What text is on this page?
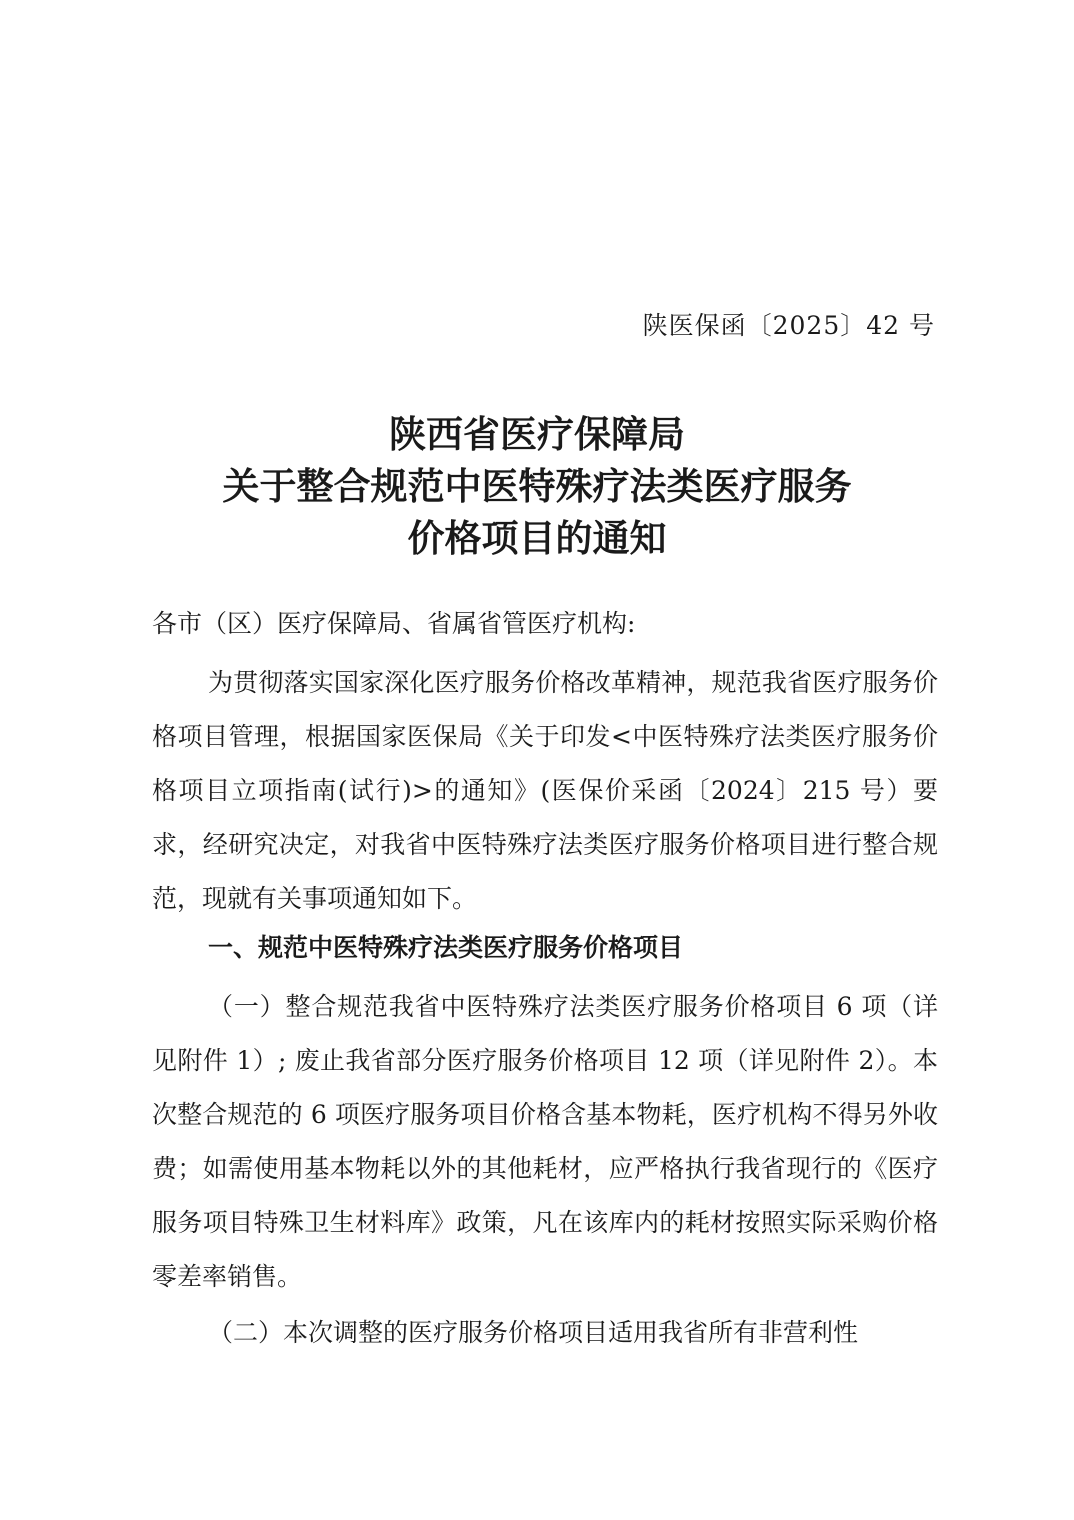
陕医保函〔2025〕42 号
陕西省医疗保障局
关于整合规范中医特殊疗法类医疗服务
价格项目的通知
各市（区）医疗保障局、省属省管医疗机构:
为贯彻落实国家深化医疗服务价格改革精神，规范我省医疗服务价格项目管理，根据国家医保局《关于印发<中医特殊疗法类医疗服务价格项目立项指南(试行)>的通知》(医保价采函〔2024〕215 号）要求，经研究决定，对我省中医特殊疗法类医疗服务价格项目进行整合规范，现就有关事项通知如下。
一、规范中医特殊疗法类医疗服务价格项目
（一）整合规范我省中医特殊疗法类医疗服务价格项目 6 项（详见附件 1）; 废止我省部分医疗服务价格项目 12 项（详见附件 2）。本次整合规范的 6 项医疗服务项目价格含基本物耗，医疗机构不得另外收费；如需使用基本物耗以外的其他耗材，应严格执行我省现行的《医疗服务项目特殊卫生材料库》政策，凡在该库内的耗材按照实际采购价格零差率销售。
（二）本次调整的医疗服务价格项目适用我省所有非营利性
